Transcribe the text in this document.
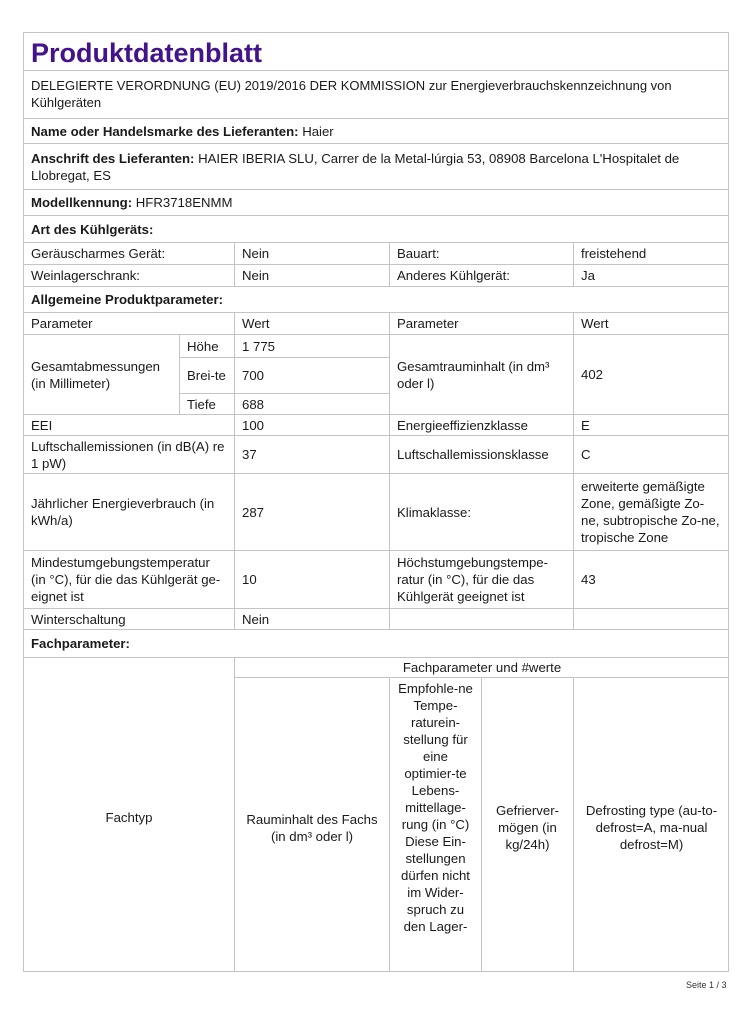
Produktdatenblatt				
DELEGIERTE VERORDNUNG (EU) 2019/2016 DER KOMMISSION zur Energieverbrauchskennzeichnung von Kühlgeräten				
Name oder Handelsmarke des Lieferanten: Haier				
Anschrift des Lieferanten: HAIER IBERIA SLU, Carrer de la Metal-lúrgia 53, 08908 Barcelona L'Hospitalet de Llobregat, ES				
Modellkennung: HFR3718ENMM				
Art des Kühlgeräts:				
Geräuscharmes Gerät:		Nein	Bauart:	freistehend
Weinlagerschrank:		Nein	Anderes Kühlgerät:	Ja
Allgemeine Produktparameter:				
Parameter		Wert	Parameter	Wert
Gesamtabmessungen (in Millimeter)	Höhe	1 775	Gesamtrauminhalt (in dm³ oder l)	402
	Brei-te	700		
	Tiefe	688		
EEI		100	Energieeffizienzklasse	E
Luftschallemissionen (in dB(A) re 1 pW)		37	Luftschallemissionsklasse	C
Jährlicher Energieverbrauch (in kWh/a)		287	Klimaklasse:	erweiterte gemäßigte Zone, gemäßigte Zo-ne, subtropische Zo-ne, tropische Zone
Mindestumgebungstemperatur (in °C), für die das Kühlgerät ge-eignet ist		10	Höchstumgebungstempe-ratur (in °C), für die das Kühlgerät geeignet ist	43
Winterschaltung		Nein		
Fachparameter:				
Fachtyp	Fachparameter und #werte			
	Rauminhalt des Fachs (in dm³ oder l)	Empfohle-ne Tempe-raturein-stellung für eine optimier-te Lebens-mittellage-rung (in °C) Diese Ein-stellungen dürfen nicht im Wider-spruch zu den Lager-	Gefrierver-mögen (in kg/24h)	Defrosting type (au-to-defrost=A, ma-nual defrost=M)
Seite 1 / 3
